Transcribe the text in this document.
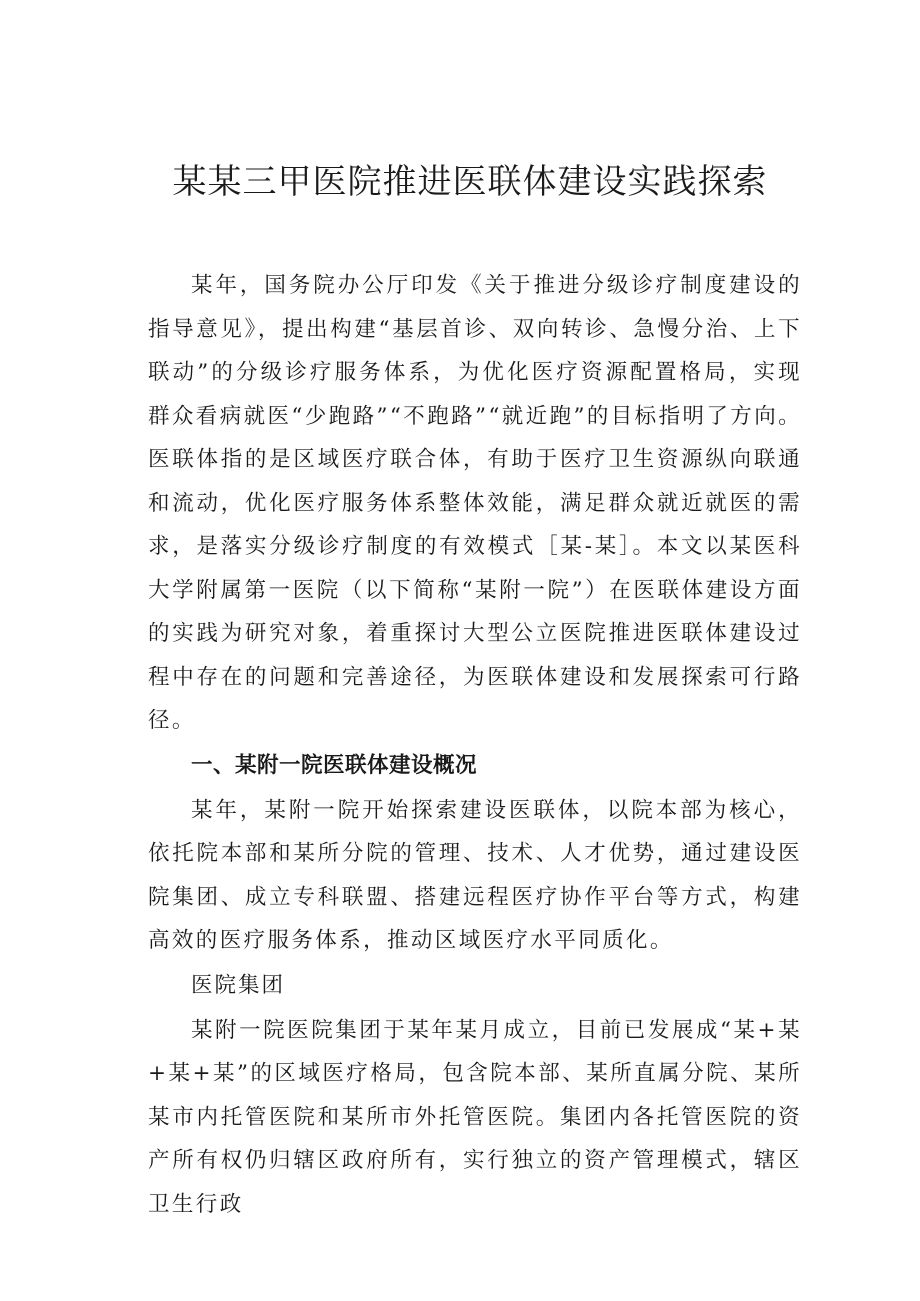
某某三甲医院推进医联体建设实践探索

某年，国务院办公厅印发《关于推进分级诊疗制度建设的指导意见》，提出构建“基层首诊、双向转诊、急慢分治、上下联动”的分级诊疗服务体系，为优化医疗资源配置格局，实现群众看病就医“少跑路”“不跑路”“就近跑”的目标指明了方向。医联体指的是区域医疗联合体，有助于医疗卫生资源纵向联通和流动，优化医疗服务体系整体效能，满足群众就近就医的需求，是落实分级诊疗制度的有效模式［某-某］。本文以某医科大学附属第一医院（以下简称“某附一院”）在医联体建设方面的实践为研究对象，着重探讨大型公立医院推进医联体建设过程中存在的问题和完善途径，为医联体建设和发展探索可行路径。

一、某附一院医联体建设概况

某年，某附一院开始探索建设医联体，以院本部为核心，依托院本部和某所分院的管理、技术、人才优势，通过建设医院集团、成立专科联盟、搭建远程医疗协作平台等方式，构建高效的医疗服务体系，推动区域医疗水平同质化。

医院集团

某附一院医院集团于某年某月成立，目前已发展成“某+某+某+某”的区域医疗格局，包含院本部、某所直属分院、某所某市内托管医院和某所市外托管医院。集团内各托管医院的资产所有权仍归辖区政府所有，实行独立的资产管理模式，辖区卫生行政
